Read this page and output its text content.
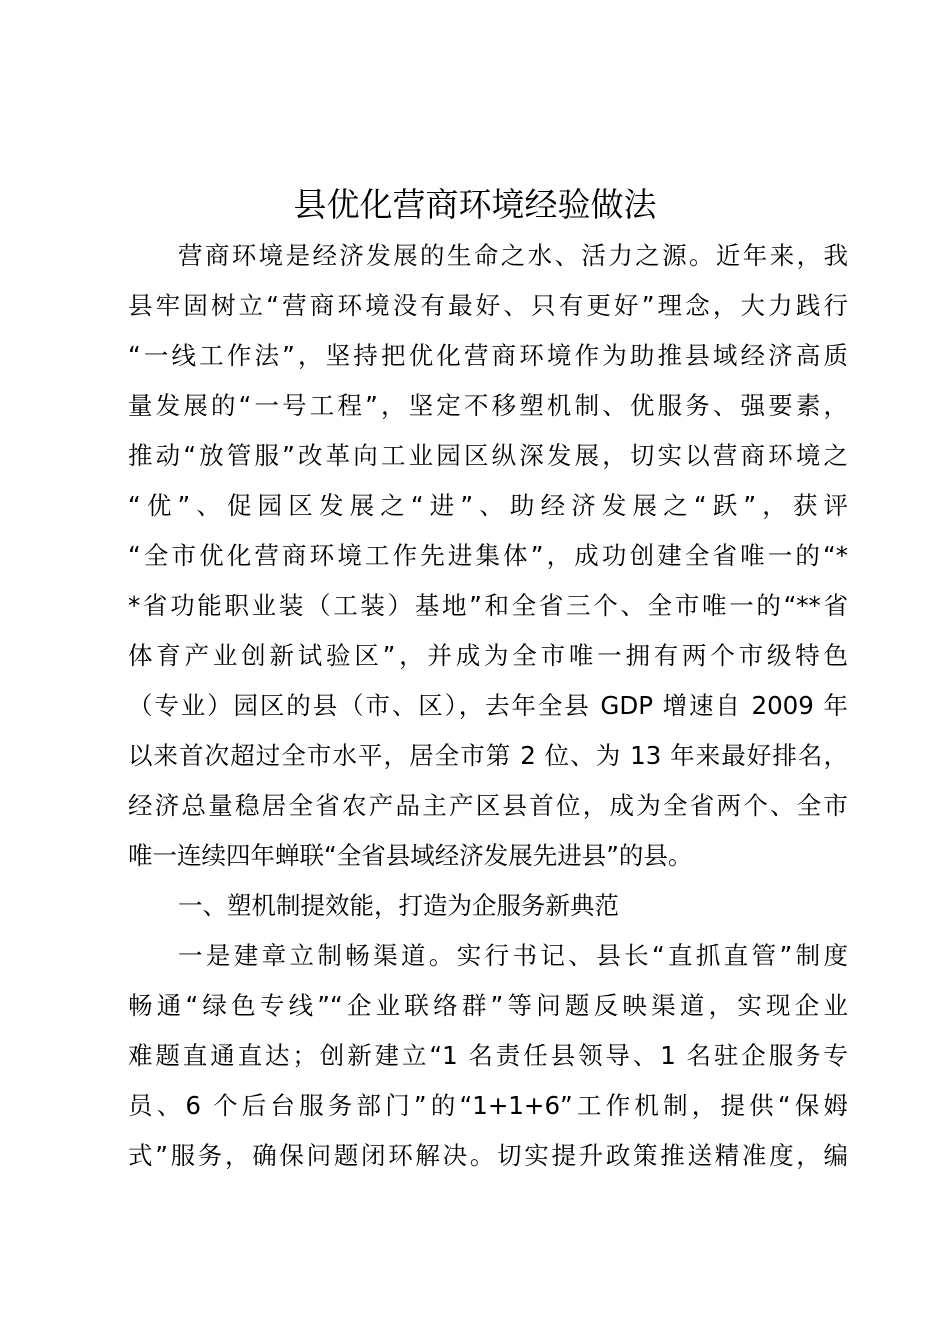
县优化营商环境经验做法
营商环境是经济发展的生命之水、活力之源。近年来，我
县牢固树立“营商环境没有最好、只有更好”理念，大力践行
“一线工作法”，坚持把优化营商环境作为助推县域经济高质
量发展的“一号工程”，坚定不移塑机制、优服务、强要素，
推动“放管服”改革向工业园区纵深发展，切实以营商环境之
“优”、促园区发展之“进”、助经济发展之“跃”，获评
“全市优化营商环境工作先进集体”，成功创建全省唯一的“*
*省功能职业装（工装）基地”和全省三个、全市唯一的“**省
体育产业创新试验区”，并成为全市唯一拥有两个市级特色
（专业）园区的县（市、区），去年全县 GDP 增速自 2009 年
以来首次超过全市水平，居全市第 2 位、为 13 年来最好排名，
经济总量稳居全省农产品主产区县首位，成为全省两个、全市
唯一连续四年蝉联“全省县域经济发展先进县”的县。
一、塑机制提效能，打造为企服务新典范
一是建章立制畅渠道。实行书记、县长“直抓直管”制度
畅通“绿色专线”“企业联络群”等问题反映渠道，实现企业
难题直通直达；创新建立“1 名责任县领导、1 名驻企服务专
员、6 个后台服务部门”的“1+1+6”工作机制，提供“保姆
式”服务，确保问题闭环解决。切实提升政策推送精准度，编
